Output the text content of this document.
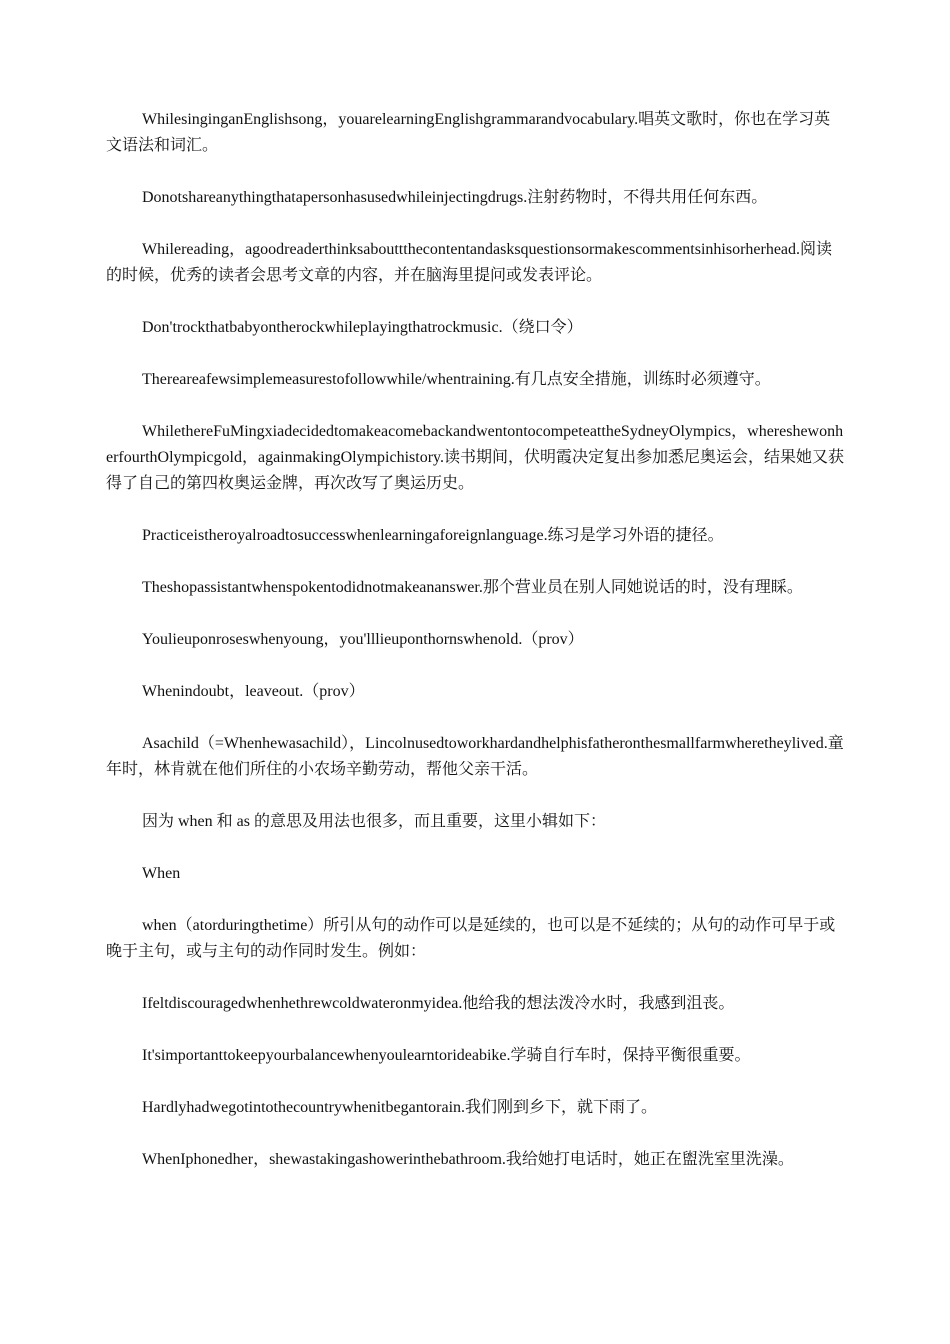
WhilesinginganEnglishsong，youarelearningEnglishgrammarandvocabulary.唱英文歌时，你也在学习英文语法和词汇。

Donotshareanythingthatapersonhasusedwhileinjectingdrugs.注射药物时，不得共用任何东西。

Whilereading，agoodreaderthinksabouttthecontentandasksquestionsormakescommentsinhisorherhead.阅读的时候，优秀的读者会思考文章的内容，并在脑海里提问或发表评论。

Don'trockthatbabyontherockwhileplayingthatrockmusic.（绕口令）

Thereareafewsimplemeasurestofollowwhile/whentraining.有几点安全措施，训练时必须遵守。

WhilethereFuMingxiadecidedtomakeacomebackandwentontocompeteattheSydneyOlympics，whereshewonherfourthOlympicgold，againmakingOlympichistory.读书期间，伏明霞决定复出参加悉尼奥运会，结果她又获得了自己的第四枚奥运金牌，再次改写了奥运历史。

Practiceistheroyalroadtosuccesswhenlearningaforeignlanguage.练习是学习外语的捷径。

Theshopassistantwhenspokentodidnotmakeananswer.那个营业员在别人同她说话的时，没有理睬。

Youlieuponroseswhenyoung，you'lllieuponthornswhenold.（prov）

Whenindoubt，leaveout.（prov）

Asachild（=Whenhewasachild），Lincolnusedtoworkhardandhelphisfatheronthesmallfarmwheretheylived.童年时，林肯就在他们所住的小农场辛勤劳动，帮他父亲干活。

因为 when 和 as 的意思及用法也很多，而且重要，这里小辑如下：

When

when（atorduringthetime）所引从句的动作可以是延续的，也可以是不延续的；从句的动作可早于或晚于主句，或与主句的动作同时发生。例如：

Ifeltdiscouragedwhenhethrewcoldwateronmyidea.他给我的想法泼冷水时，我感到沮丧。

It'simportanttokeepyourbalancewhenyoulearntorideabike.学骑自行车时，保持平衡很重要。

Hardlyhadwegotintothecountrywhenitbegantorain.我们刚到乡下，就下雨了。

WhenIphonedher，shewastakingashowerinthebathroom.我给她打电话时，她正在盥洗室里洗澡。
